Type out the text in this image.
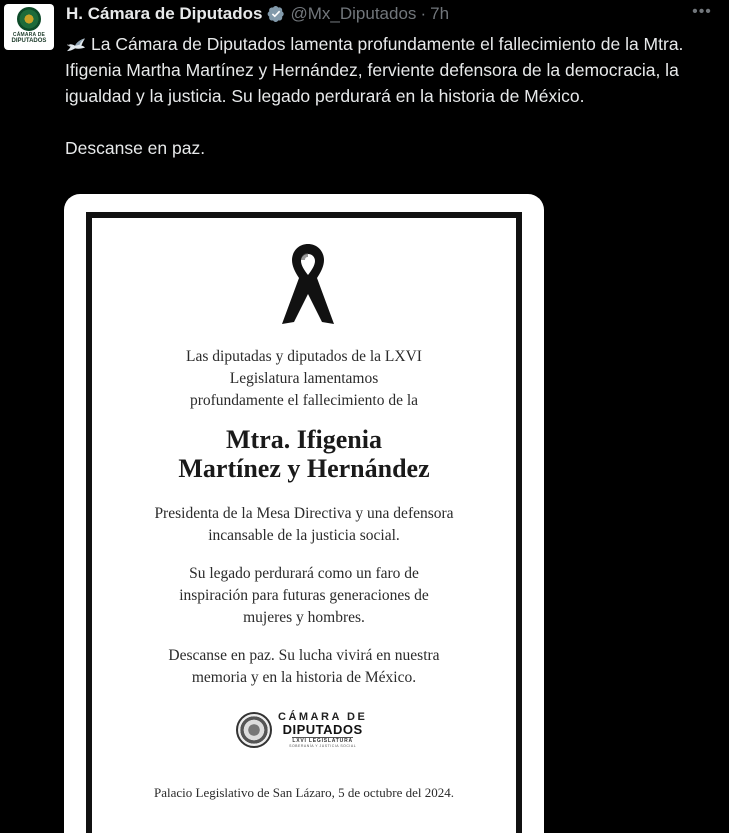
CÁMARA DE
DIPUTADOS
H. Cámara de Diputados @Mx_Diputados · 7h	•••

La Cámara de Diputados lamenta profundamente el fallecimiento de la Mtra. Ifigenia Martha Martínez y Hernández, ferviente defensora de la democracia, la igualdad y la justicia. Su legado perdurará en la historia de México.

Descanse en paz.

Las diputadas y diputados de la LXVI Legislatura lamentamos profundamente el fallecimiento de la
Mtra. Ifigenia
Martínez y Hernández
Presidenta de la Mesa Directiva y una defensora incansable de la justicia social.
Su legado perdurará como un faro de inspiración para futuras generaciones de mujeres y hombres.
Descanse en paz. Su lucha vivirá en nuestra memoria y en la historia de México.
CÁMARA DE
DIPUTADOS
LXVI LEGISLATURA
SOBERANÍA Y JUSTICIA SOCIAL
Palacio Legislativo de San Lázaro, 5 de octubre del 2024.
